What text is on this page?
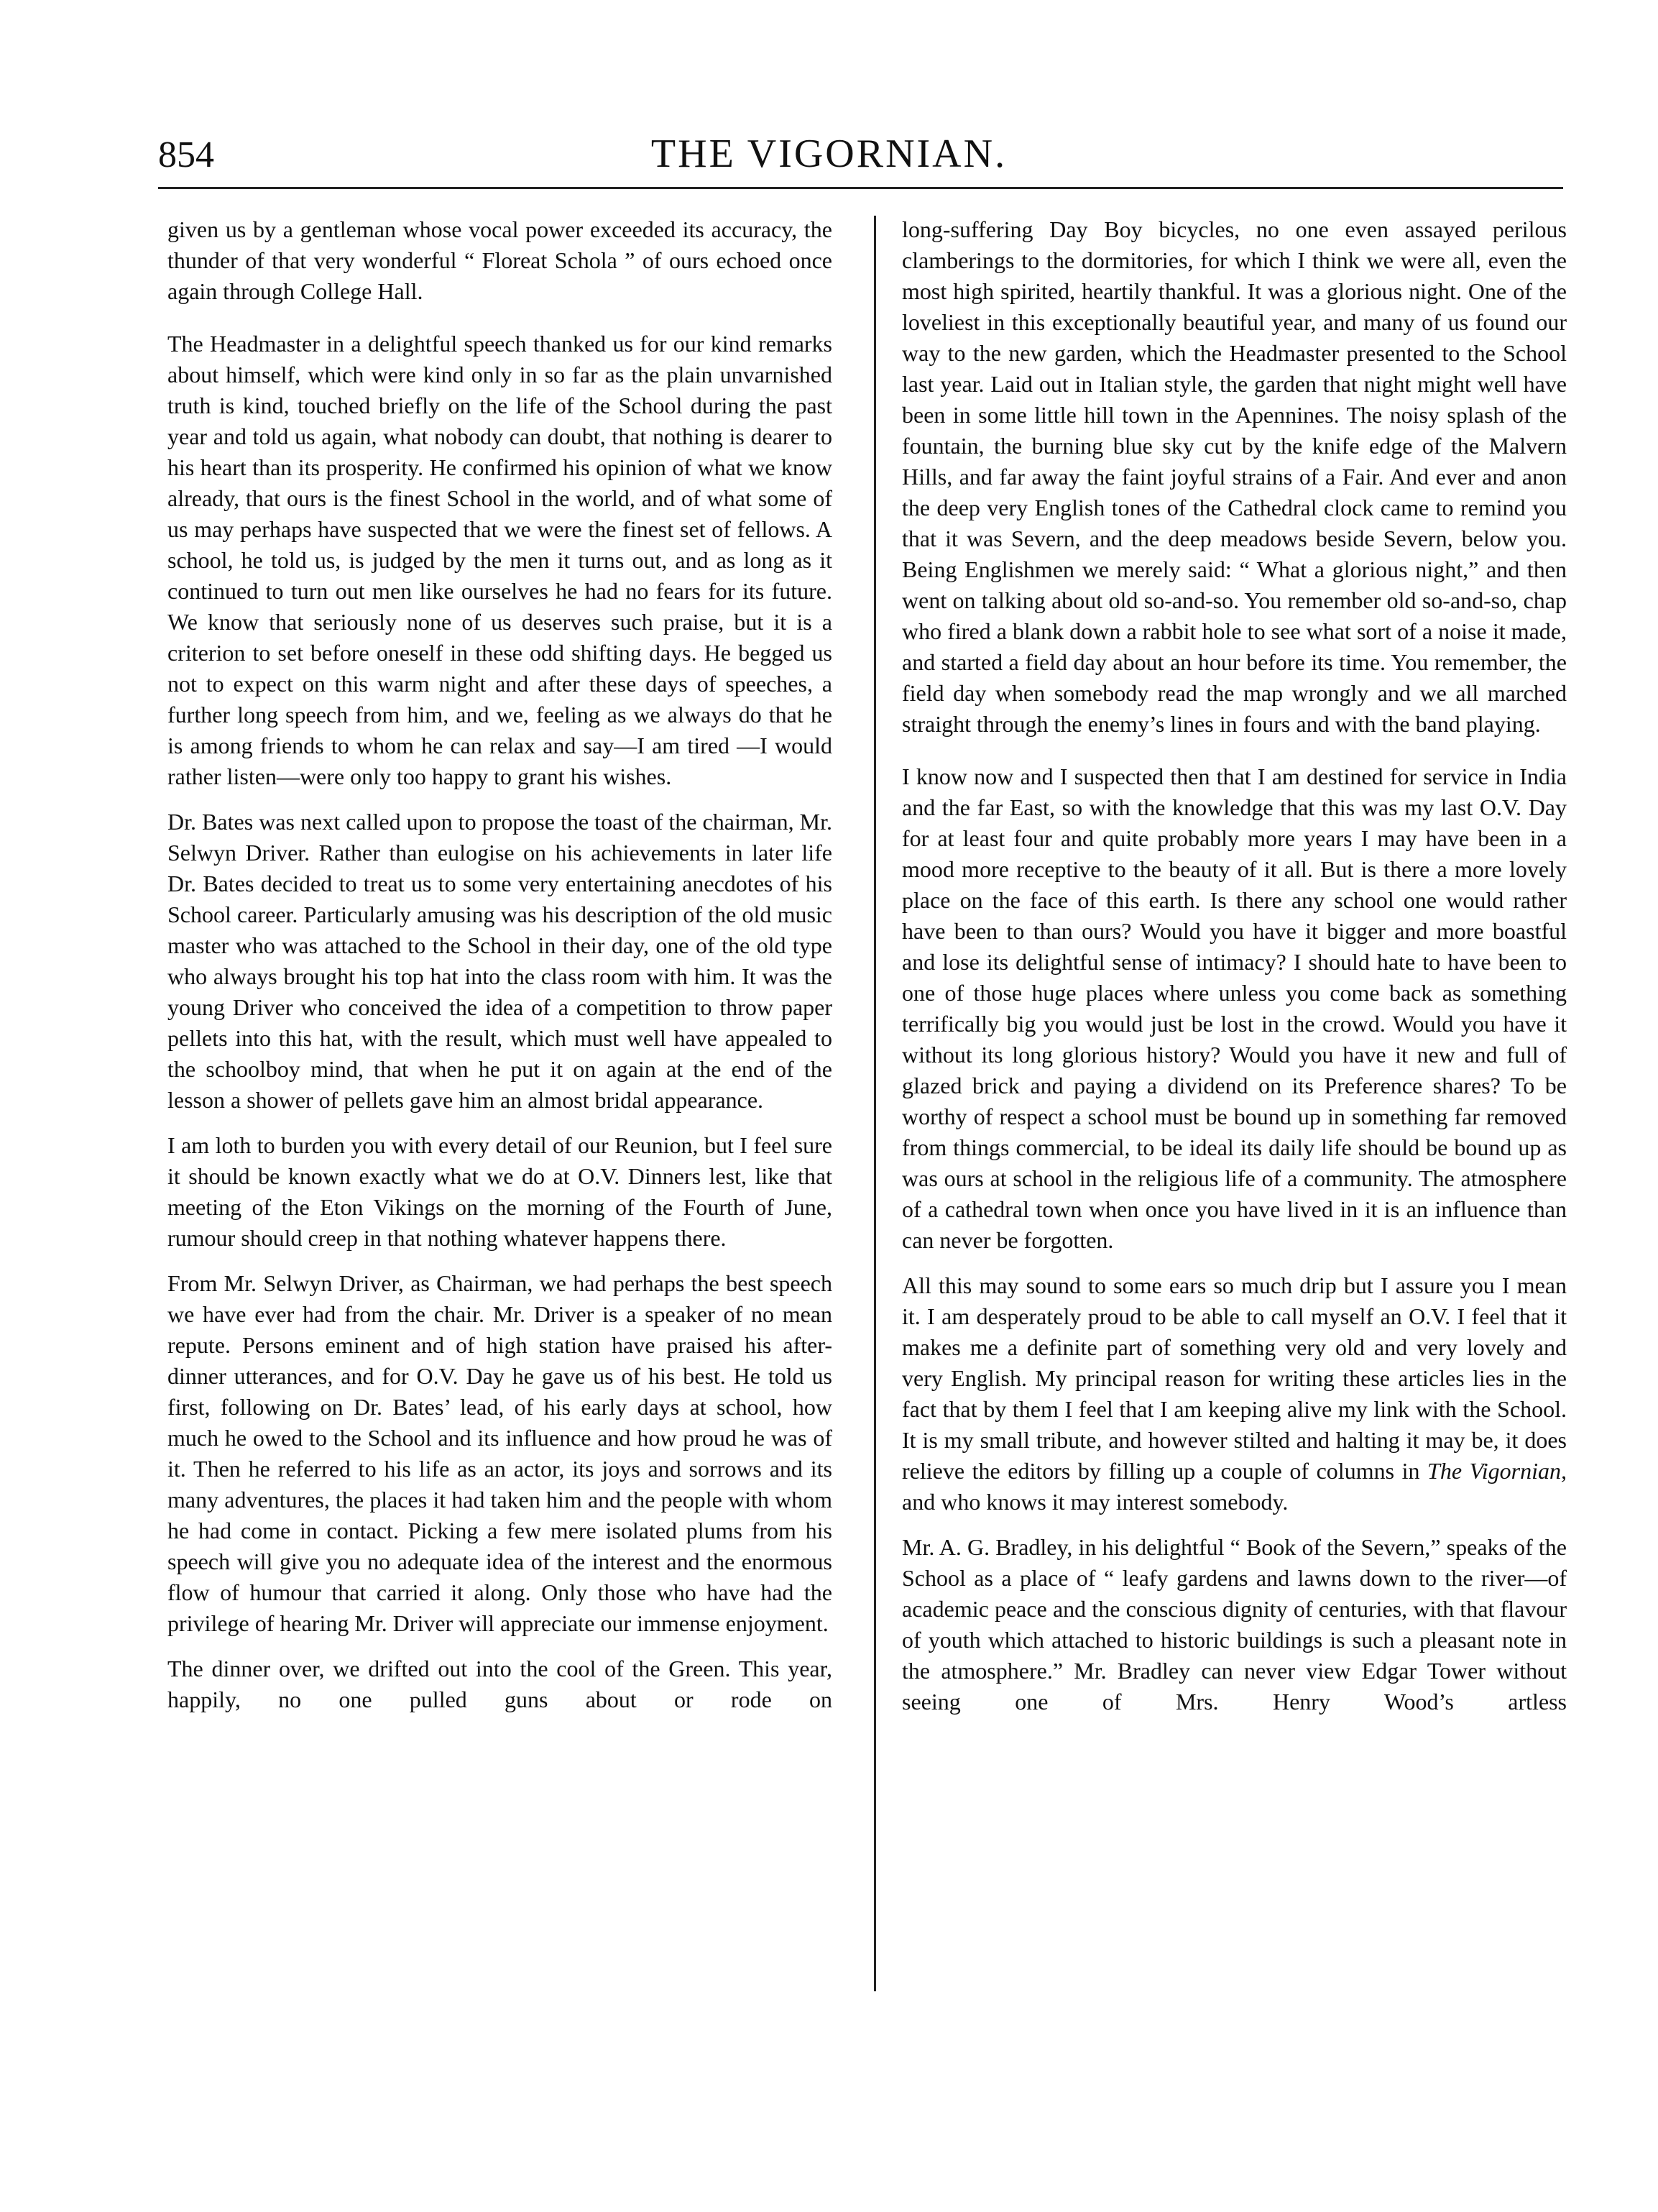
854	THE VIGORNIAN.

given us by a gentleman whose vocal power exceeded its accuracy, the thunder of that very wonderful “ Floreat Schola ” of ours echoed once again through College Hall.

The Headmaster in a delightful speech thanked us for our kind remarks about himself, which were kind only in so far as the plain unvarnished truth is kind, touched briefly on the life of the School during the past year and told us again, what nobody can doubt, that nothing is dearer to his heart than its prosperity. He confirmed his opinion of what we know already, that ours is the finest School in the world, and of what some of us may perhaps have suspected that we were the finest set of fellows. A school, he told us, is judged by the men it turns out, and as long as it continued to turn out men like ourselves he had no fears for its future. We know that seriously none of us deserves such praise, but it is a criterion to set before oneself in these odd shifting days. He begged us not to expect on this warm night and after these days of speeches, a further long speech from him, and we, feeling as we always do that he is among friends to whom he can relax and say—I am tired —I would rather listen—were only too happy to grant his wishes.

Dr. Bates was next called upon to propose the toast of the chairman, Mr. Selwyn Driver. Rather than eulogise on his achievements in later life Dr. Bates decided to treat us to some very entertaining anecdotes of his School career. Particularly amusing was his description of the old music master who was attached to the School in their day, one of the old type who always brought his top hat into the class room with him. It was the young Driver who conceived the idea of a competition to throw paper pellets into this hat, with the result, which must well have appealed to the schoolboy mind, that when he put it on again at the end of the lesson a shower of pellets gave him an almost bridal appearance.

I am loth to burden you with every detail of our Reunion, but I feel sure it should be known exactly what we do at O.V. Dinners lest, like that meeting of the Eton Vikings on the morning of the Fourth of June, rumour should creep in that nothing whatever happens there.

From Mr. Selwyn Driver, as Chairman, we had perhaps the best speech we have ever had from the chair. Mr. Driver is a speaker of no mean repute. Persons eminent and of high station have praised his after-dinner utterances, and for O.V. Day he gave us of his best. He told us first, following on Dr. Bates’ lead, of his early days at school, how much he owed to the School and its influence and how proud he was of it. Then he referred to his life as an actor, its joys and sorrows and its many adventures, the places it had taken him and the people with whom he had come in contact. Picking a few mere isolated plums from his speech will give you no adequate idea of the interest and the enormous flow of humour that carried it along. Only those who have had the privilege of hearing Mr. Driver will appreciate our immense enjoyment.

The dinner over, we drifted out into the cool of the Green. This year, happily, no one pulled guns about or rode on

long-suffering Day Boy bicycles, no one even assayed perilous clamberings to the dormitories, for which I think we were all, even the most high spirited, heartily thankful. It was a glorious night. One of the loveliest in this exceptionally beautiful year, and many of us found our way to the new garden, which the Headmaster presented to the School last year. Laid out in Italian style, the garden that night might well have been in some little hill town in the Apennines. The noisy splash of the fountain, the burning blue sky cut by the knife edge of the Malvern Hills, and far away the faint joyful strains of a Fair. And ever and anon the deep very English tones of the Cathedral clock came to remind you that it was Severn, and the deep meadows beside Severn, below you. Being Englishmen we merely said: “ What a glorious night,” and then went on talking about old so-and-so. You remember old so-and-so, chap who fired a blank down a rabbit hole to see what sort of a noise it made, and started a field day about an hour before its time. You remember, the field day when somebody read the map wrongly and we all marched straight through the enemy’s lines in fours and with the band playing.

I know now and I suspected then that I am destined for service in India and the far East, so with the knowledge that this was my last O.V. Day for at least four and quite probably more years I may have been in a mood more receptive to the beauty of it all. But is there a more lovely place on the face of this earth. Is there any school one would rather have been to than ours? Would you have it bigger and more boastful and lose its delightful sense of intimacy? I should hate to have been to one of those huge places where unless you come back as something terrifically big you would just be lost in the crowd. Would you have it without its long glorious history? Would you have it new and full of glazed brick and paying a dividend on its Preference shares? To be worthy of respect a school must be bound up in something far removed from things commercial, to be ideal its daily life should be bound up as was ours at school in the religious life of a community. The atmosphere of a cathedral town when once you have lived in it is an influence than can never be forgotten.

All this may sound to some ears so much drip but I assure you I mean it. I am desperately proud to be able to call myself an O.V. I feel that it makes me a definite part of something very old and very lovely and very English. My principal reason for writing these articles lies in the fact that by them I feel that I am keeping alive my link with the School. It is my small tribute, and however stilted and halting it may be, it does relieve the editors by filling up a couple of columns in The Vigornian, and who knows it may interest somebody.

Mr. A. G. Bradley, in his delightful “ Book of the Severn,” speaks of the School as a place of “ leafy gardens and lawns down to the river—of academic peace and the conscious dignity of centuries, with that flavour of youth which attached to historic buildings is such a pleasant note in the atmosphere.” Mr. Bradley can never view Edgar Tower without seeing one of Mrs. Henry Wood’s artless
